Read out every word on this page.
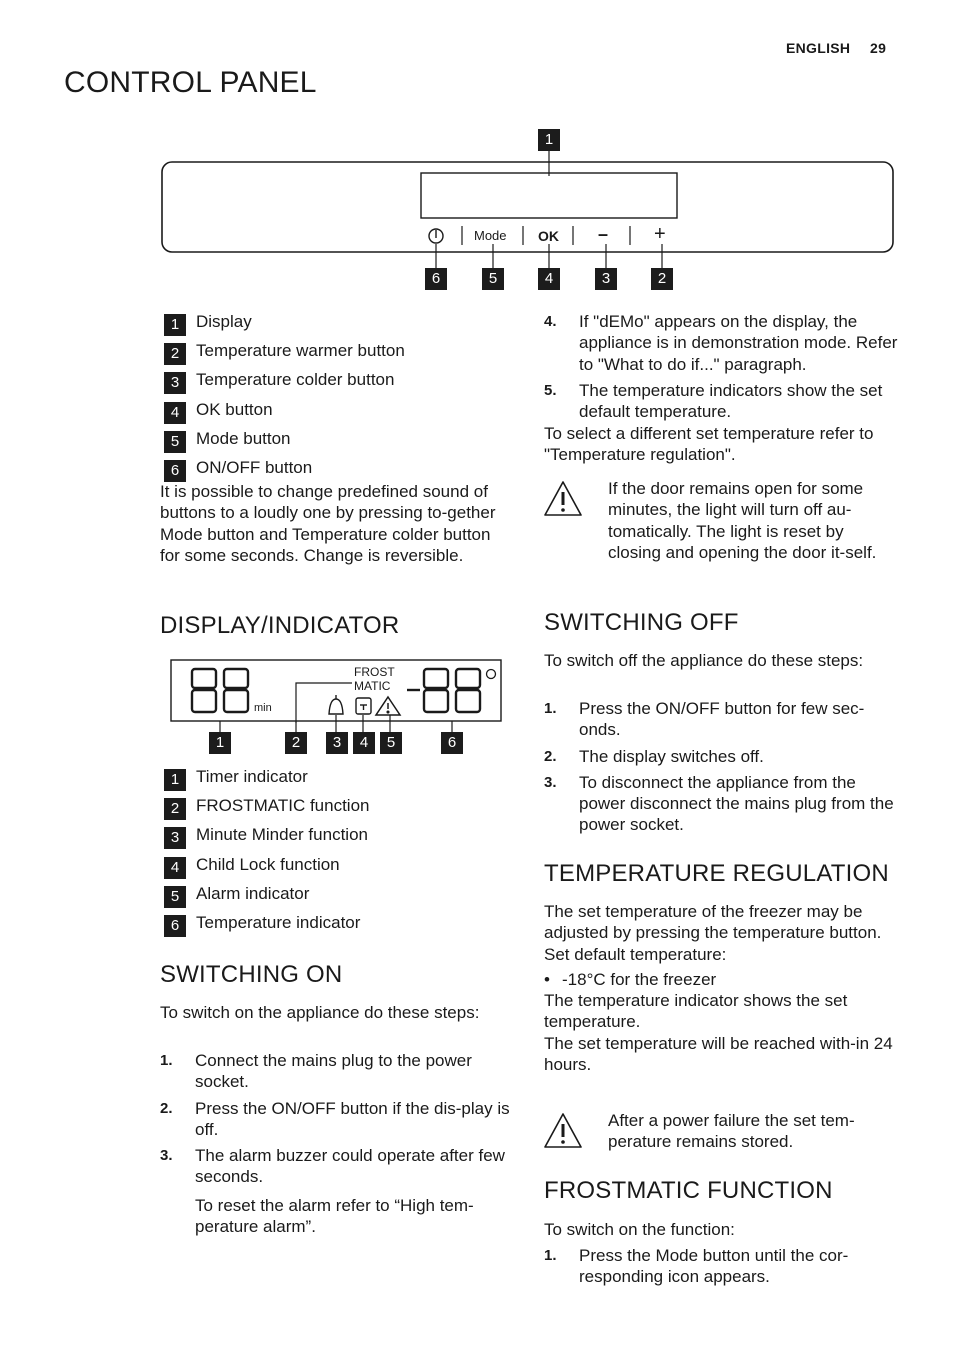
ENGLISH 29
CONTROL PANEL
Mode OK – +
1
6	5	4	3	2
1 Display
2 Temperature warmer button
3 Temperature colder button
4 OK button
5 Mode button
6 ON/OFF button
It is possible to change predefined sound of buttons to a loudly one by pressing to-gether Mode button and Temperature colder button for some seconds. Change is reversible.
DISPLAY/INDICATOR
min
FROST
MATIC
1	2	3	4	5	6
1 Timer indicator
2 FROSTMATIC function
3 Minute Minder function
4 Child Lock function
5 Alarm indicator
6 Temperature indicator
SWITCHING ON
To switch on the appliance do these steps:
1. Connect the mains plug to the power socket.
2. Press the ON/OFF button if the dis-play is off.
3. The alarm buzzer could operate after few seconds.
To reset the alarm refer to “High tem-perature alarm”.
4. If "dEMo" appears on the display, the appliance is in demonstration mode. Refer to "What to do if..." paragraph.
5. The temperature indicators show the set default temperature.
To select a different set temperature refer to "Temperature regulation".
If the door remains open for some minutes, the light will turn off au-tomatically. The light is reset by closing and opening the door it-self.
SWITCHING OFF
To switch off the appliance do these steps:
1. Press the ON/OFF button for few sec-onds.
2. The display switches off.
3. To disconnect the appliance from the power disconnect the mains plug from the power socket.
TEMPERATURE REGULATION
The set temperature of the freezer may be adjusted by pressing the temperature button.
Set default temperature:
• -18°C for the freezer
The temperature indicator shows the set temperature.
The set temperature will be reached with-in 24 hours.
After a power failure the set tem-perature remains stored.
FROSTMATIC FUNCTION
To switch on the function:
1. Press the Mode button until the cor-responding icon appears.
